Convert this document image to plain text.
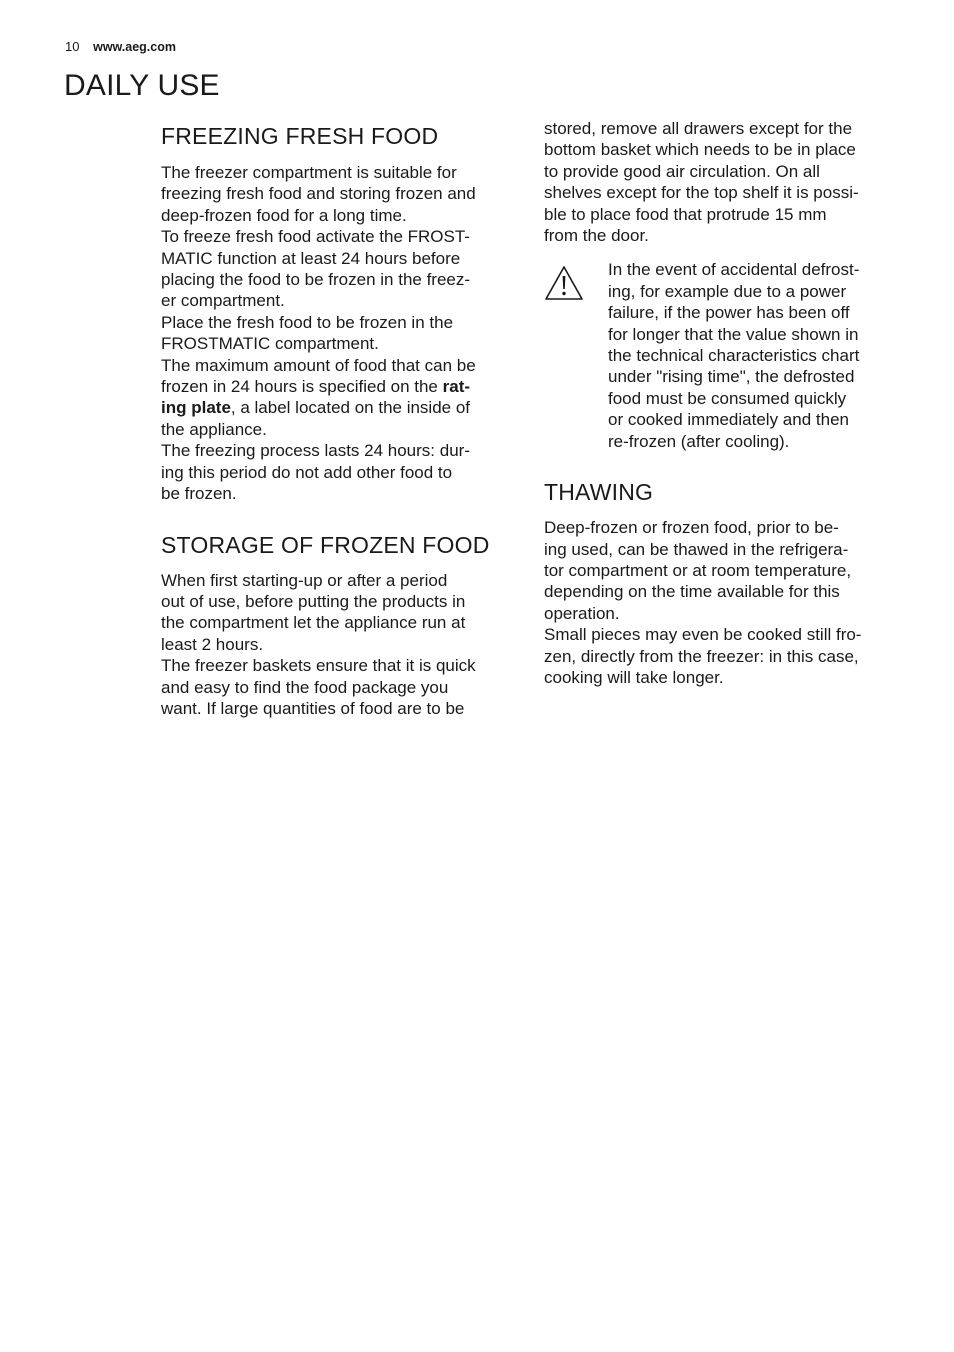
10 www.aeg.com
DAILY USE
FREEZING FRESH FOOD

The freezer compartment is suitable for
freezing fresh food and storing frozen and
deep-frozen food for a long time.
To freeze fresh food activate the FROST-
MATIC function at least 24 hours before
placing the food to be frozen in the freez-
er compartment.
Place the fresh food to be frozen in the
FROSTMATIC compartment.
The maximum amount of food that can be
frozen in 24 hours is specified on the rat-
ing plate, a label located on the inside of
the appliance.
The freezing process lasts 24 hours: dur-
ing this period do not add other food to
be frozen.

STORAGE OF FROZEN FOOD

When first starting-up or after a period
out of use, before putting the products in
the compartment let the appliance run at
least 2 hours.
The freezer baskets ensure that it is quick
and easy to find the food package you
want. If large quantities of food are to be

stored, remove all drawers except for the
bottom basket which needs to be in place
to provide good air circulation. On all
shelves except for the top shelf it is possi-
ble to place food that protrude 15 mm
from the door.

In the event of accidental defrost-
ing, for example due to a power
failure, if the power has been off
for longer that the value shown in
the technical characteristics chart
under "rising time", the defrosted
food must be consumed quickly
or cooked immediately and then
re-frozen (after cooling).

THAWING

Deep-frozen or frozen food, prior to be-
ing used, can be thawed in the refrigera-
tor compartment or at room temperature,
depending on the time available for this
operation.
Small pieces may even be cooked still fro-
zen, directly from the freezer: in this case,
cooking will take longer.
